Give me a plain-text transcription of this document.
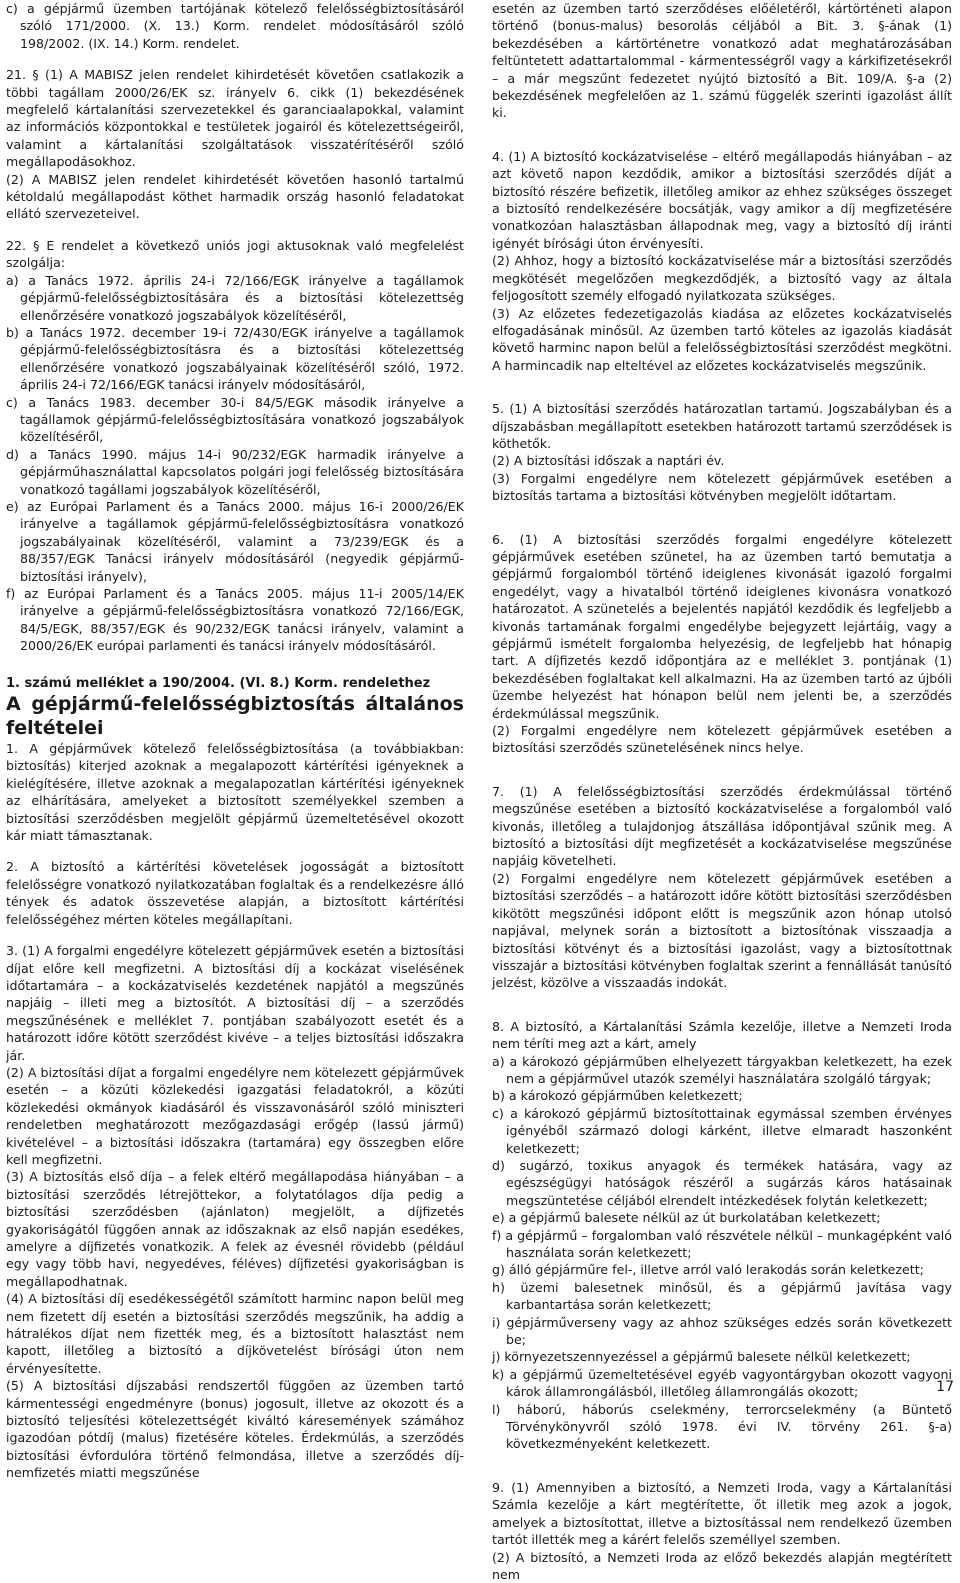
c) a gépjármű üzemben tartójának kötelező felelősségbiztosításáról szóló 171/2000. (X. 13.) Korm. rendelet módosításáról szóló 198/2002. (IX. 14.) Korm. rendelet.

21. § (1) A MABISZ jelen rendelet kihirdetését követően csatlakozik a többi tagállam 2000/26/EK sz. irányelv 6. cikk (1) bekezdésének megfelelő kártalanítási szervezetekkel és garanciaalapokkal, valamint az információs központokkal e testületek jogairól és kötelezettségeiről, valamint a kártalanítási szolgáltatások visszatérítéséről szóló megállapodásokhoz.

(2) A MABISZ jelen rendelet kihirdetését követően hasonló tartalmú kétoldalú megállapodást köthet harmadik ország hasonló feladatokat ellátó szervezeteivel.

22. § E rendelet a következő uniós jogi aktusoknak való megfelelést szolgálja:

a) a Tanács 1972. április 24-i 72/166/EGK irányelve a tagállamok gépjármű-felelősségbiztosítására és a biztosítási kötelezettség ellenőrzésére vonatkozó jogszabályok közelítéséről,

b) a Tanács 1972. december 19-i 72/430/EGK irányelve a tagállamok gépjármű-felelősségbiztosításra és a biztosítási kötelezettség ellenőrzésére vonatkozó jogszabályainak közelítéséről szóló, 1972. április 24-i 72/166/EGK tanácsi irányelv módosításáról,

c) a Tanács 1983. december 30-i 84/5/EGK második irányelve a tagállamok gépjármű-felelősségbiztosítására vonatkozó jogszabályok közelítéséről,

d) a Tanács 1990. május 14-i 90/232/EGK harmadik irányelve a gépjárműhasználattal kapcsolatos polgári jogi felelősség biztosítására vonatkozó tagállami jogszabályok közelítéséről,

e) az Európai Parlament és a Tanács 2000. május 16-i 2000/26/EK irányelve a tagállamok gépjármű-felelősségbiztosításra vonatkozó jogszabályainak közelítéséről, valamint a 73/239/EGK és a 88/357/EGK Tanácsi irányelv módosításáról (negyedik gépjármű-biztosítási irányelv),

f) az Európai Parlament és a Tanács 2005. május 11-i 2005/14/EK irányelve a gépjármű-felelősségbiztosításra vonatkozó 72/166/EGK, 84/5/EGK, 88/357/EGK és 90/232/EGK tanácsi irányelv, valamint a 2000/26/EK európai parlamenti és tanácsi irányelv módosításáról.

1. számú melléklet a 190/2004. (VI. 8.) Korm. rendelethez

A gépjármű-felelősségbiztosítás általános feltételei

1. A gépjárművek kötelező felelősségbiztosítása (a továbbiakban: biztosítás) kiterjed azoknak a megalapozott kártérítési igényeknek a kielégítésére, illetve azoknak a megalapozatlan kártérítési igényeknek az elhárítására, amelyeket a biztosított személyekkel szemben a biztosítási szerződésben megjelölt gépjármű üzemeltetésével okozott kár miatt támasztanak.

2. A biztosító a kártérítési követelések jogosságát a biztosított felelősségre vonatkozó nyilatkozatában foglaltak és a rendelkezésre álló tények és adatok összevetése alapján, a biztosított kártérítési felelősségéhez mérten köteles megállapítani.

3. (1) A forgalmi engedélyre kötelezett gépjárművek esetén a biztosítási díjat előre kell megfizetni. A biztosítási díj a kockázat viselésének időtartamára – a kockázatviselés kezdetének napjától a megszűnés napjáig – illeti meg a biztosítót. A biztosítási díj – a szerződés megszűnésének e melléklet 7. pontjában szabályozott esetét és a határozott időre kötött szerződést kivéve – a teljes biztosítási időszakra jár.

(2) A biztosítási díjat a forgalmi engedélyre nem kötelezett gépjárművek esetén – a közúti közlekedési igazgatási feladatokról, a közúti közlekedési okmányok kiadásáról és visszavonásáról szóló miniszteri rendeletben meghatározott mezőgazdasági erőgép (lassú jármű) kivételével – a biztosítási időszakra (tartamára) egy összegben előre kell megfizetni.

(3) A biztosítás első díja – a felek eltérő megállapodása hiányában – a biztosítási szerződés létrejöttekor, a folytatólagos díja pedig a biztosítási szerződésben (ajánlaton) megjelölt, a díjfizetés gyakoriságától függően annak az időszaknak az első napján esedékes, amelyre a díjfizetés vonatkozik. A felek az évesnél rövidebb (például egy vagy több havi, negyedéves, féléves) díjfizetési gyakoriságban is megállapodhatnak.

(4) A biztosítási díj esedékességétől számított harminc napon belül meg nem fizetett díj esetén a biztosítási szerződés megszűnik, ha addig a hátralékos díjat nem fizették meg, és a biztosított halasztást nem kapott, illetőleg a biztosító a díjkövetelést bírósági úton nem érvényesítette.

(5) A biztosítási díjszabási rendszertől függően az üzemben tartó kármentességi engedményre (bonus) jogosult, illetve az okozott és a biztosító teljesítési kötelezettségét kiváltó káresemények számához igazodóan pótdíj (malus) fizetésére köteles. Érdekmúlás, a szerződés biztosítási évfordulóra történő felmondása, illetve a szerződés díj-nemfizetés miatti megszűnése

esetén az üzemben tartó szerződéses előéletéről, kártörténeti alapon történő (bonus-malus) besorolás céljából a Bit. 3. §-ának (1) bekezdésében a kártörténetre vonatkozó adat meghatározásában feltüntetett adattartalommal - kármentességről vagy a kárkifizetésekről – a már megszűnt fedezetet nyújtó biztosító a Bit. 109/A. §-a (2) bekezdésének megfelelően az 1. számú függelék szerinti igazolást állít ki.

4. (1) A biztosító kockázatviselése – eltérő megállapodás hiányában – az azt követő napon kezdődik, amikor a biztosítási szerződés díját a biztosító részére befizetik, illetőleg amikor az ehhez szükséges összeget a biztosító rendelkezésére bocsátják, vagy amikor a díj megfizetésére vonatkozóan halasztásban állapodnak meg, vagy a biztosító díj iránti igényét bírósági úton érvényesíti.

(2) Ahhoz, hogy a biztosító kockázatviselése már a biztosítási szerződés megkötését megelőzően megkezdődjék, a biztosító vagy az általa feljogosított személy elfogadó nyilatkozata szükséges.

(3) Az előzetes fedezetigazolás kiadása az előzetes kockázatviselés elfogadásának minősül. Az üzemben tartó köteles az igazolás kiadását követő harminc napon belül a felelősségbiztosítási szerződést megkötni. A harmincadik nap elteltével az előzetes kockázatviselés megszűnik.

5. (1) A biztosítási szerződés határozatlan tartamú. Jogszabályban és a díjszabásban megállapított esetekben határozott tartamú szerződések is köthetők.

(2) A biztosítási időszak a naptári év.

(3) Forgalmi engedélyre nem kötelezett gépjárművek esetében a biztosítás tartama a biztosítási kötvényben megjelölt időtartam.

6. (1) A biztosítási szerződés forgalmi engedélyre kötelezett gépjárművek esetében szünetel, ha az üzemben tartó bemutatja a gépjármű forgalomból történő ideiglenes kivonását igazoló forgalmi engedélyt, vagy a hivatalból történő ideiglenes kivonásra vonatkozó határozatot. A szünetelés a bejelentés napjától kezdődik és legfeljebb a kivonás tartamának forgalmi engedélybe bejegyzett lejártáig, vagy a gépjármű ismételt forgalomba helyezésig, de legfeljebb hat hónapig tart. A díjfizetés kezdő időpontjára az e melléklet 3. pontjának (1) bekezdésében foglaltakat kell alkalmazni. Ha az üzemben tartó az újbóli üzembe helyezést hat hónapon belül nem jelenti be, a szerződés érdekmúlással megszűnik.

(2) Forgalmi engedélyre nem kötelezett gépjárművek esetében a biztosítási szerződés szünetelésének nincs helye.

7. (1) A felelősségbiztosítási szerződés érdekmúlással történő megszűnése esetében a biztosító kockázatviselése a forgalomból való kivonás, illetőleg a tulajdonjog átszállása időpontjával szűnik meg. A biztosító a biztosítási díjt megfizetését a kockázatviselése megszűnése napjáig követelheti.

(2) Forgalmi engedélyre nem kötelezett gépjárművek esetében a biztosítási szerződés – a határozott időre kötött biztosítási szerződésben kikötött megszűnési időpont előtt is megszűnik azon hónap utolsó napjával, melynek során a biztosított a biztosítónak visszaadja a biztosítási kötvényt és a biztosítási igazolást, vagy a biztosítottnak visszajár a biztosítási kötvényben foglaltak szerint a fennállását tanúsító jelzést, közölve a visszaadás indokát.

8. A biztosító, a Kártalanítási Számla kezelője, illetve a Nemzeti Iroda nem téríti meg azt a kárt, amely

a) a károkozó gépjárműben elhelyezett tárgyakban keletkezett, ha ezek nem a gépjárművel utazók személyi használatára szolgáló tárgyak;

b) a károkozó gépjárműben keletkezett;

c) a károkozó gépjármű biztosítottainak egymással szemben érvényes igényéből származó dologi kárként, illetve elmaradt haszonként keletkezett;

d) sugárzó, toxikus anyagok és termékek hatására, vagy az egészségügyi hatóságok részéről a sugárzás káros hatásainak megszüntetése céljából elrendelt intézkedések folytán keletkezett;

e) a gépjármű balesete nélkül az út burkolatában keletkezett;

f) a gépjármű – forgalomban való részvétele nélkül – munkagépként való használata során keletkezett;

g) álló gépjárműre fel-, illetve arról való lerakodás során keletkezett;

h) üzemi balesetnek minősül, és a gépjármű javítása vagy karbantartása során keletkezett;

i) gépjárműverseny vagy az ahhoz szükséges edzés során következett be;

j) környezetszennyezéssel a gépjármű balesete nélkül keletkezett;

k) a gépjármű üzemeltetésével egyéb vagyontárgyban okozott vagyoni károk államrongálásból, illetőleg államrongálás okozott;

l) háború, háborús cselekmény, terrorcselekmény (a Büntető Törvénykönyvről szóló 1978. évi IV. törvény 261. §-a) következményeként keletkezett.

9. (1) Amennyiben a biztosító, a Nemzeti Iroda, vagy a Kártalanítási Számla kezelője a kárt megtérítette, őt illetik meg azok a jogok, amelyek a biztosítottat, illetve a biztosítással nem rendelkező üzemben tartót illették meg a kárért felelős személlyel szemben.

(2) A biztosító, a Nemzeti Iroda az előző bekezdés alapján megtérített nem

17
